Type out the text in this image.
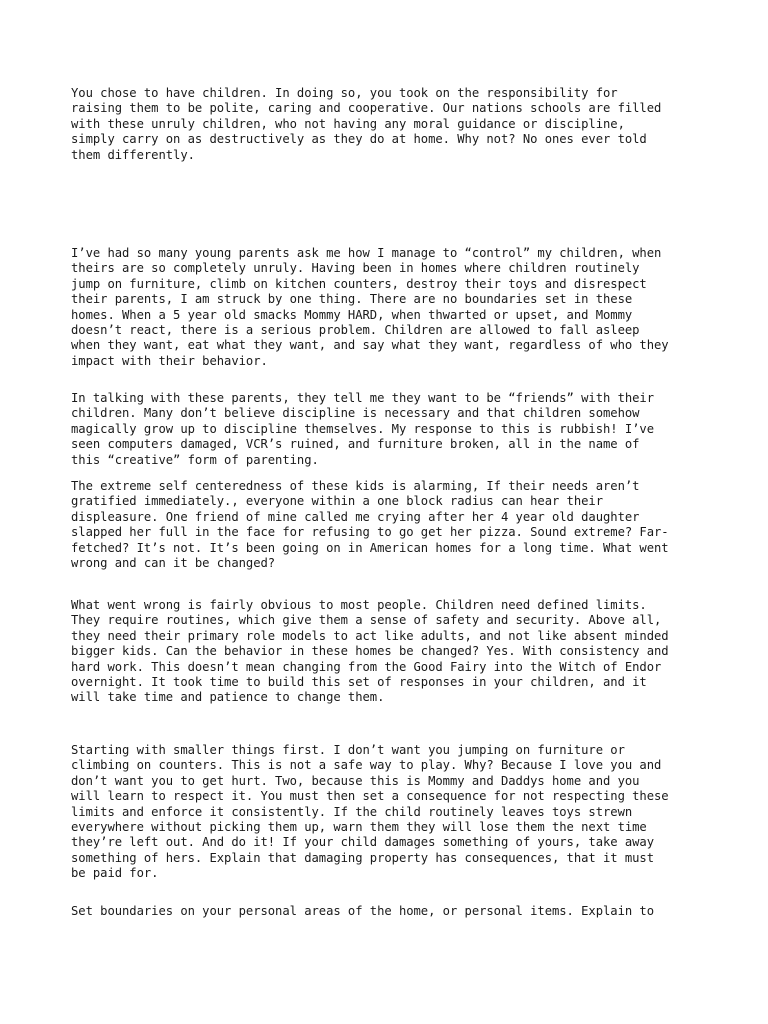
You chose to have children. In doing so, you took on the responsibility for
raising them to be polite, caring and cooperative. Our nations schools are filled
with these unruly children, who not having any moral guidance or discipline,
simply carry on as destructively as they do at home. Why not? No ones ever told
them differently.

I’ve had so many young parents ask me how I manage to “control” my children, when
theirs are so completely unruly. Having been in homes where children routinely
jump on furniture, climb on kitchen counters, destroy their toys and disrespect
their parents, I am struck by one thing. There are no boundaries set in these
homes. When a 5 year old smacks Mommy HARD, when thwarted or upset, and Mommy
doesn’t react, there is a serious problem. Children are allowed to fall asleep
when they want, eat what they want, and say what they want, regardless of who they
impact with their behavior.

In talking with these parents, they tell me they want to be “friends” with their
children. Many don’t believe discipline is necessary and that children somehow
magically grow up to discipline themselves. My response to this is rubbish! I’ve
seen computers damaged, VCR’s ruined, and furniture broken, all in the name of
this “creative” form of parenting.

The extreme self centeredness of these kids is alarming, If their needs aren’t
gratified immediately., everyone within a one block radius can hear their
displeasure. One friend of mine called me crying after her 4 year old daughter
slapped her full in the face for refusing to go get her pizza. Sound extreme? Far-
fetched? It’s not. It’s been going on in American homes for a long time. What went
wrong and can it be changed?

What went wrong is fairly obvious to most people. Children need defined limits.
They require routines, which give them a sense of safety and security. Above all,
they need their primary role models to act like adults, and not like absent minded
bigger kids. Can the behavior in these homes be changed? Yes. With consistency and
hard work. This doesn’t mean changing from the Good Fairy into the Witch of Endor
overnight. It took time to build this set of responses in your children, and it
will take time and patience to change them.

Starting with smaller things first. I don’t want you jumping on furniture or
climbing on counters. This is not a safe way to play. Why? Because I love you and
don’t want you to get hurt. Two, because this is Mommy and Daddys home and you
will learn to respect it. You must then set a consequence for not respecting these
limits and enforce it consistently. If the child routinely leaves toys strewn
everywhere without picking them up, warn them they will lose them the next time
they’re left out. And do it! If your child damages something of yours, take away
something of hers. Explain that damaging property has consequences, that it must
be paid for.

Set boundaries on your personal areas of the home, or personal items. Explain to
